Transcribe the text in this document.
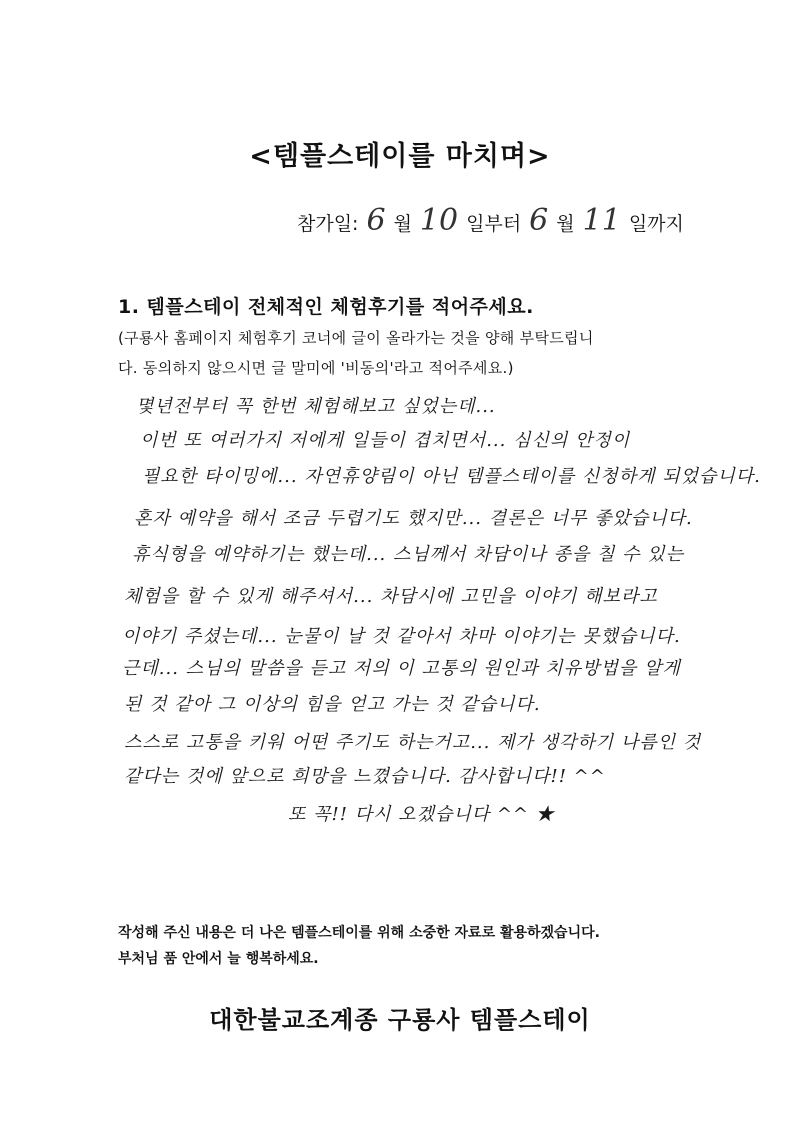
<템플스테이를 마치며>
참가일: 6 월 10 일부터 6 월 11 일까지
1. 템플스테이 전체적인 체험후기를 적어주세요.
(구룡사 홈페이지 체험후기 코너에 글이 올라가는 것을 양해 부탁드립니
다. 동의하지 않으시면 글 말미에 '비동의'라고 적어주세요.)
몇년전부터 꼭 한번 체험해보고 싶었는데...
이번 또 여러가지 저에게 일들이 겹치면서... 심신의 안정이
필요한 타이밍에... 자연휴양림이 아닌 템플스테이를 신청하게 되었습니다.
혼자 예약을 해서 조금 두렵기도 했지만... 결론은 너무 좋았습니다.
휴식형을 예약하기는 했는데... 스님께서 차담이나 종을 칠 수 있는
체험을 할 수 있게 해주셔서... 차담시에 고민을 이야기 해보라고
이야기 주셨는데... 눈물이 날 것 같아서 차마 이야기는 못했습니다.
근데... 스님의 말씀을 듣고 저의 이 고통의 원인과 치유방법을 알게
된 것 같아 그 이상의 힘을 얻고 가는 것 같습니다.
스스로 고통을 키워 어떤 주기도 하는거고... 제가 생각하기 나름인 것
같다는 것에 앞으로 희망을 느꼈습니다. 감사합니다!! ^^
또 꼭!! 다시 오겠습니다 ^^ ★
작성해 주신 내용은 더 나은 템플스테이를 위해 소중한 자료로 활용하겠습니다.
부처님 품 안에서 늘 행복하세요.
대한불교조계종 구룡사 템플스테이
